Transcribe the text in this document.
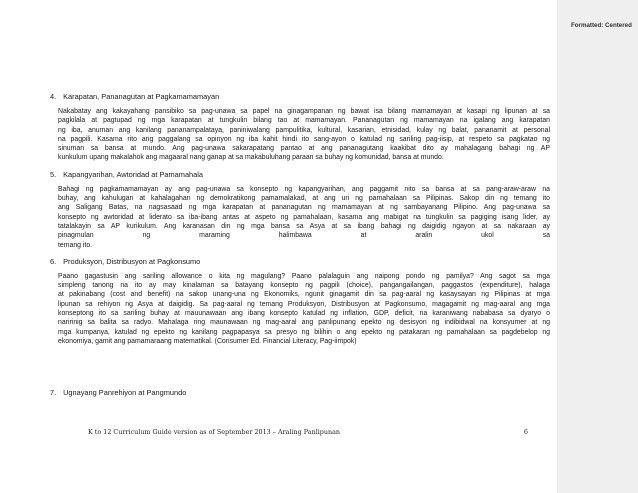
Formatted: Centered
4. Karapatan, Pananagutan at Pagkamamamayan
Nakabatay ang kakayahang pansibiko sa pag-unawa sa papel na ginagampanan ng bawat isa bilang mamamayan at kasapi ng lipunan at sa
pagkilala at pagtupad ng mga karapatan at tungkulin bilang tao at mamamayan. Pananagutan ng mamamayan na igalang ang karapatan
ng iba, anuman ang kanilang pananampalataya, paniniwalang pampulitika, kultural, kasarian, etnisidad, kulay ng balat, pananamit at personal
na pagpili. Kasama rito ang paggalang sa opinyon ng iba kahit hindi ito sang-ayon o katulad ng sariling pag-iisip, at respeto sa pagkatao ng
sinuman sa bansa at mundo. Ang pag-unawa sakarapatang pantao at ang pananagutang kaakibat dito ay mahalagang bahagi ng AP
kunkulum upang makalahok ang magaaral nang ganap at sa makabuluhang paraan sa buhay ng komunidad, bansa at mundo.
5. Kapangyarihan, Awtoridad at Pamamahala
Bahagi ng pagkamamamayan ay ang pag-unawa sa konsepto ng kapangyarihan, ang paggamit nito sa bansa at sa pang-araw-araw na
buhay, ang kahulugan at kahalagahan ng demokratikong pamamalakad, at ang uri ng pamahalaan sa Pilipinas. Sakop din ng temang ito
ang Saligang Batas, na nagsasaad ng mga karapatan at pananagutan ng mamamayan at ng sambayanang Pilipino. Ang pag-unawa sa
konsepto ng awtoridad at liderato sa iba-ibang antas at aspeto ng pamahalaan, kasama ang mabigat na tungkulin sa pagiging isang lider, ay
tatalakayin sa AP kurikulum. Ang karanasan din ng mga bansa sa Asya at sa ibang bahagi ng daigidig ngayon at sa nakaraan ay
pinagmulan          ng          maraming          halimbawa          at          aralin          ukol          sa
temang ito.
6. Produksyon, Distribusyon at Pagkonsumo
Paano gagastusin ang sariling allowance o kita ng magulang? Paano palalaguin ang naipong pondo ng pamilya? Ang sagot sa mga
simpleng tanong na ito ay may kinalaman sa batayang konsepto ng pagpili (choice), pangangailangan, paggastos (expenditure), halaga
at pakinabang (cost and benefit) na sakop unang-una ng Ekonomiks, ngunit ginagamit din sa pag-aaral ng kasaysayan ng Pilipinas at mga
lipunan sa rehiyon ng Asya at daigidig. Sa pag-aaral ng temang Produksyon, Distribusyon at Pagkonsumo, magagamit ng mag-aaral ang mga
konseptong ito sa sariling buhay at mauunawaan ang ibang konsepto katulad ng inflation, GDP, deficit, na karaniwang nababasa sa dyaryo o
naririnig sa balita sa radyo. Mahalaga ring maunawaan ng mag-aaral ang panlipunang epekto ng desisyon ng indibidwal na konsyumer at ng
mga kumpanya, katulad ng epekto ng kanilang pagpapasya sa presyo ng bilihin o ang epekto ng patakaran ng pamahalaan sa pagdebelop ng
ekonomiya, gamit ang pamamaraang matematikal. (Consumer Ed. Financial Literacy, Pag-iimpok)
7. Ugnayang Panrehiyon at Pangmundo
K to 12 Curriculum Guide version as of September 2013 – Araling Panlipunan	6
